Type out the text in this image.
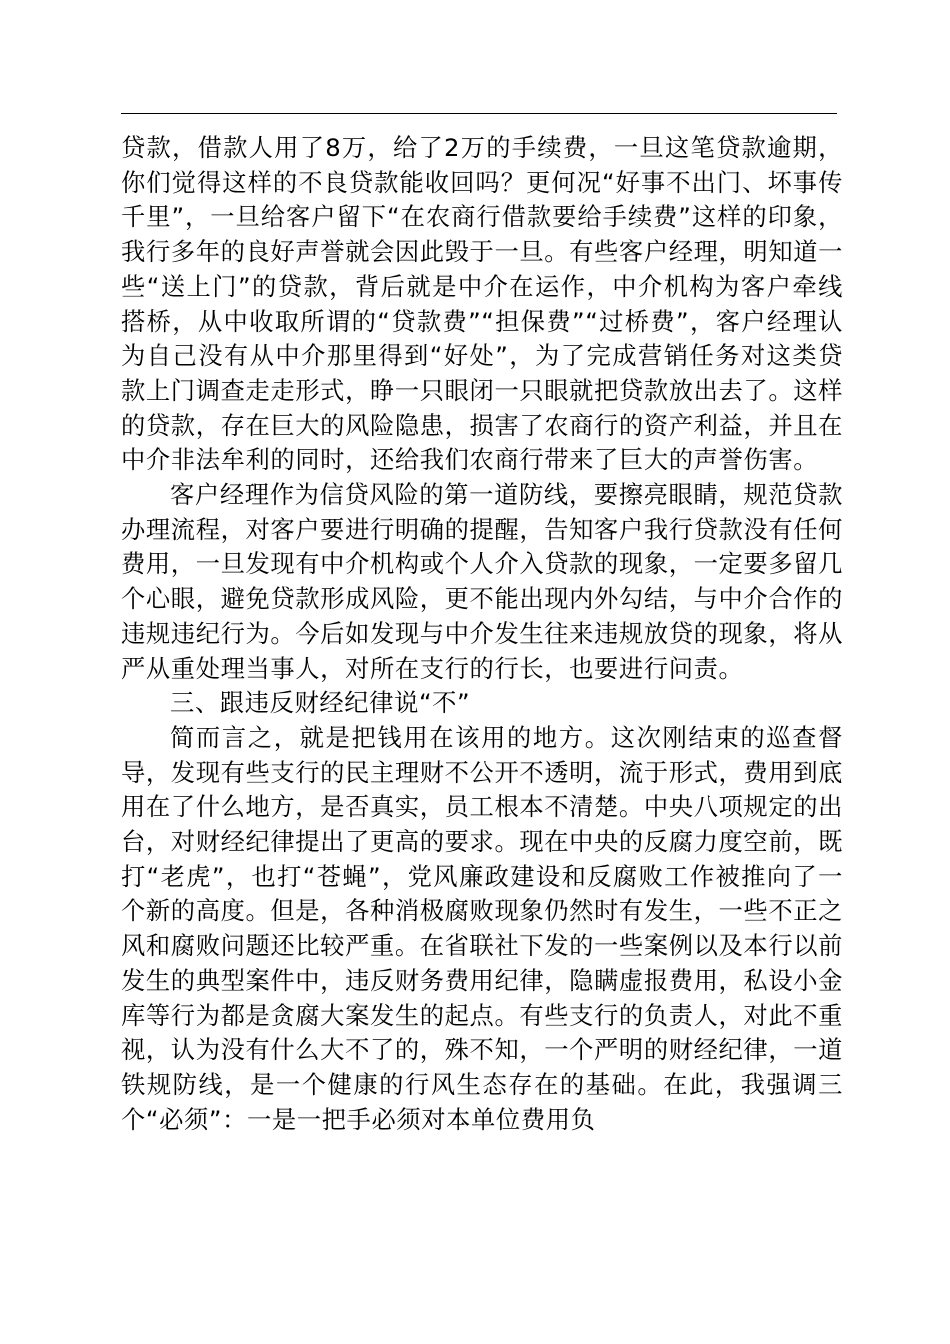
贷款，借款人用了8万，给了2万的手续费，一旦这笔贷款逾期，你们觉得这样的不良贷款能收回吗？更何况“好事不出门、坏事传千里”，一旦给客户留下“在农商行借款要给手续费”这样的印象，我行多年的良好声誉就会因此毁于一旦。有些客户经理，明知道一些“送上门”的贷款，背后就是中介在运作，中介机构为客户牵线搭桥，从中收取所谓的“贷款费”“担保费”“过桥费”，客户经理认为自己没有从中介那里得到“好处”，为了完成营销任务对这类贷款上门调查走走形式，睁一只眼闭一只眼就把贷款放出去了。这样的贷款，存在巨大的风险隐患，损害了农商行的资产利益，并且在中介非法牟利的同时，还给我们农商行带来了巨大的声誉伤害。

客户经理作为信贷风险的第一道防线，要擦亮眼睛，规范贷款办理流程，对客户要进行明确的提醒，告知客户我行贷款没有任何费用，一旦发现有中介机构或个人介入贷款的现象，一定要多留几个心眼，避免贷款形成风险，更不能出现内外勾结，与中介合作的违规违纪行为。今后如发现与中介发生往来违规放贷的现象，将从严从重处理当事人，对所在支行的行长，也要进行问责。

三、跟违反财经纪律说“不”

简而言之，就是把钱用在该用的地方。这次刚结束的巡查督导，发现有些支行的民主理财不公开不透明，流于形式，费用到底用在了什么地方，是否真实，员工根本不清楚。中央八项规定的出台，对财经纪律提出了更高的要求。现在中央的反腐力度空前，既打“老虎”，也打“苍蝇”，党风廉政建设和反腐败工作被推向了一个新的高度。但是，各种消极腐败现象仍然时有发生，一些不正之风和腐败问题还比较严重。在省联社下发的一些案例以及本行以前发生的典型案件中，违反财务费用纪律，隐瞒虚报费用，私设小金库等行为都是贪腐大案发生的起点。有些支行的负责人，对此不重视，认为没有什么大不了的，殊不知，一个严明的财经纪律，一道铁规防线，是一个健康的行风生态存在的基础。在此，我强调三个“必须”：一是一把手必须对本单位费用负
